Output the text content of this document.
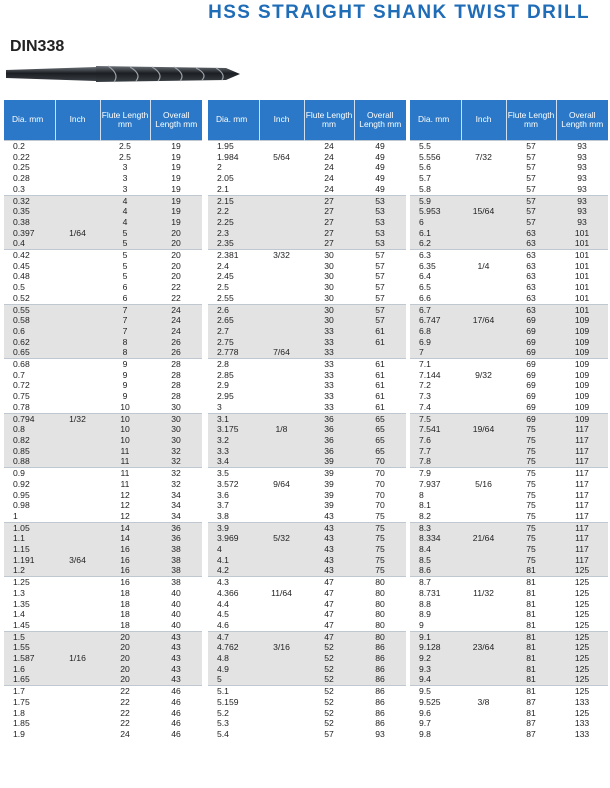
HSS STRAIGHT SHANK TWIST DRILL
DIN338
Dia. mm	Inch	Flute Length mm	Overall Length mm
0.2		2.5	19
0.22		2.5	19
0.25		3	19
0.28		3	19
0.3		3	19
0.32		4	19
0.35		4	19
0.38		4	19
0.397	1/64	5	20
0.4		5	20
0.42		5	20
0.45		5	20
0.48		5	20
0.5		6	22
0.52		6	22
0.55		7	24
0.58		7	24
0.6		7	24
0.62		8	26
0.65		8	26
0.68		9	28
0.7		9	28
0.72		9	28
0.75		9	28
0.78		10	30
0.794	1/32	10	30
0.8		10	30
0.82		10	30
0.85		11	32
0.88		11	32
0.9		11	32
0.92		11	32
0.95		12	34
0.98		12	34
1		12	34
1.05		14	36
1.1		14	36
1.15		16	38
1.191	3/64	16	38
1.2		16	38
1.25		16	38
1.3		18	40
1.35		18	40
1.4		18	40
1.45		18	40
1.5		20	43
1.55		20	43
1.587	1/16	20	43
1.6		20	43
1.65		20	43
1.7		22	46
1.75		22	46
1.8		22	46
1.85		22	46
1.9		24	46
Dia. mm	Inch	Flute Length mm	Overall Length mm
1.95		24	49
1.984	5/64	24	49
2		24	49
2.05		24	49
2.1		24	49
2.15		27	53
2.2		27	53
2.25		27	53
2.3		27	53
2.35		27	53
2.381	3/32	30	57
2.4		30	57
2.45		30	57
2.5		30	57
2.55		30	57
2.6		30	57
2.65		30	57
2.7		33	61
2.75		33	61
2.778	7/64	33	
2.8		33	61
2.85		33	61
2.9		33	61
2.95		33	61
3		33	61
3.1		36	65
3.175	1/8	36	65
3.2		36	65
3.3		36	65
3.4		39	70
3.5		39	70
3.572	9/64	39	70
3.6		39	70
3.7		39	70
3.8		43	75
3.9		43	75
3.969	5/32	43	75
4		43	75
4.1		43	75
4.2		43	75
4.3		47	80
4.366	11/64	47	80
4.4		47	80
4.5		47	80
4.6		47	80
4.7		47	80
4.762	3/16	52	86
4.8		52	86
4.9		52	86
5		52	86
5.1		52	86
5.159		52	86
5.2		52	86
5.3		52	86
5.4		57	93
Dia. mm	Inch	Flute Length mm	Overall Length mm
5.5		57	93
5.556	7/32	57	93
5.6		57	93
5.7		57	93
5.8		57	93
5.9		57	93
5.953	15/64	57	93
6		57	93
6.1		63	101
6.2		63	101
6.3		63	101
6.35	1/4	63	101
6.4		63	101
6.5		63	101
6.6		63	101
6.7		63	101
6.747	17/64	69	109
6.8		69	109
6.9		69	109
7		69	109
7.1		69	109
7.144	9/32	69	109
7.2		69	109
7.3		69	109
7.4		69	109
7.5		69	109
7.541	19/64	75	117
7.6		75	117
7.7		75	117
7.8		75	117
7.9		75	117
7.937	5/16	75	117
8		75	117
8.1		75	117
8.2		75	117
8.3		75	117
8.334	21/64	75	117
8.4		75	117
8.5		75	117
8.6		81	125
8.7		81	125
8.731	11/32	81	125
8.8		81	125
8.9		81	125
9		81	125
9.1		81	125
9.128	23/64	81	125
9.2		81	125
9.3		81	125
9.4		81	125
9.5		81	125
9.525	3/8	87	133
9.6		81	125
9.7		87	133
9.8		87	133
